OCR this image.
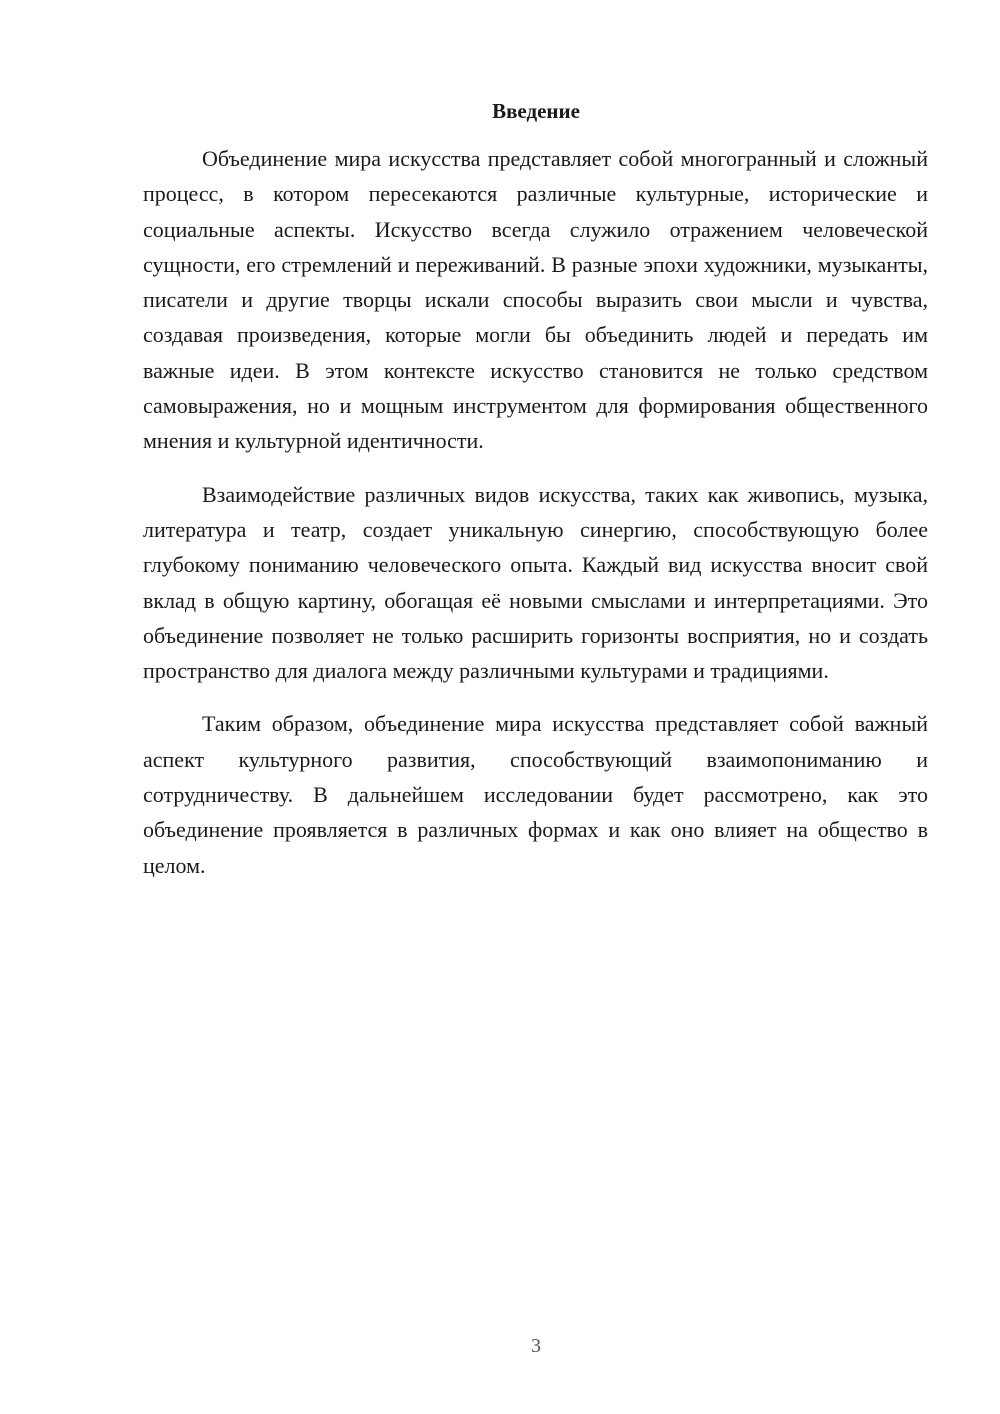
Введение

Объединение мира искусства представляет собой многогранный и сложный процесс, в котором пересекаются различные культурные, исторические и социальные аспекты. Искусство всегда служило отражением человеческой сущности, его стремлений и переживаний. В разные эпохи художники, музыканты, писатели и другие творцы искали способы выразить свои мысли и чувства, создавая произведения, которые могли бы объединить людей и передать им важные идеи. В этом контексте искусство становится не только средством самовыражения, но и мощным инструментом для формирования общественного мнения и культурной идентичности.

Взаимодействие различных видов искусства, таких как живопись, музыка, литература и театр, создает уникальную синергию, способствующую более глубокому пониманию человеческого опыта. Каждый вид искусства вносит свой вклад в общую картину, обогащая её новыми смыслами и интерпретациями. Это объединение позволяет не только расширить горизонты восприятия, но и создать пространство для диалога между различными культурами и традициями.

Таким образом, объединение мира искусства представляет собой важный аспект культурного развития, способствующий взаимопониманию и сотрудничеству. В дальнейшем исследовании будет рассмотрено, как это объединение проявляется в различных формах и как оно влияет на общество в целом.

3
